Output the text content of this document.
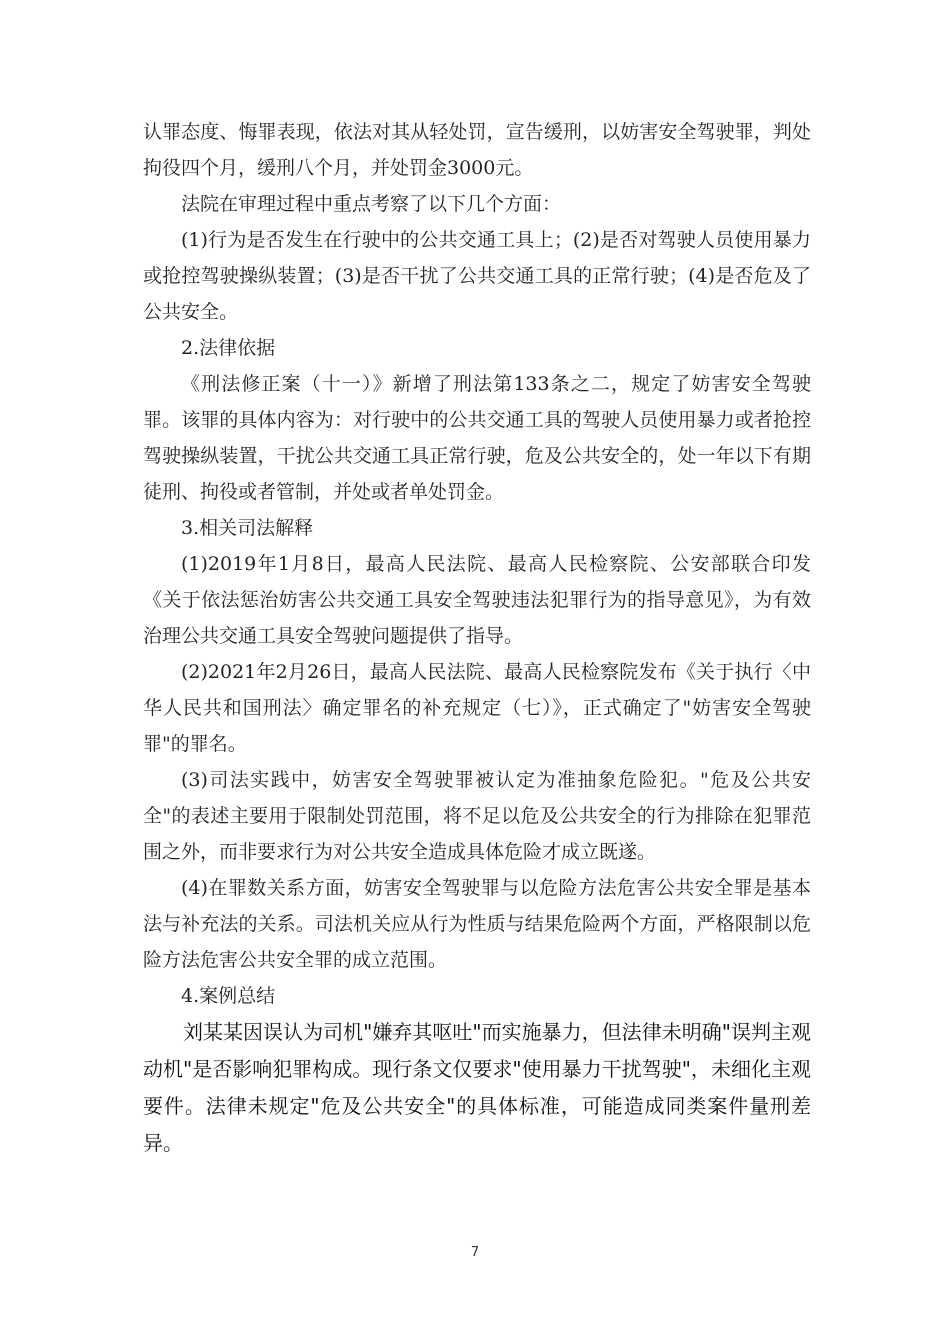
认罪态度、悔罪表现，依法对其从轻处罚，宣告缓刑，以妨害安全驾驶罪，判处拘役四个月，缓刑八个月，并处罚金3000元。

法院在审理过程中重点考察了以下几个方面：

(1)行为是否发生在行驶中的公共交通工具上；(2)是否对驾驶人员使用暴力或抢控驾驶操纵装置；(3)是否干扰了公共交通工具的正常行驶；(4)是否危及了公共安全。

2.法律依据

《刑法修正案（十一）》新增了刑法第133条之二，规定了妨害安全驾驶罪。该罪的具体内容为：对行驶中的公共交通工具的驾驶人员使用暴力或者抢控驾驶操纵装置，干扰公共交通工具正常行驶，危及公共安全的，处一年以下有期徒刑、拘役或者管制，并处或者单处罚金。

3.相关司法解释

(1)2019年1月8日，最高人民法院、最高人民检察院、公安部联合印发《关于依法惩治妨害公共交通工具安全驾驶违法犯罪行为的指导意见》，为有效治理公共交通工具安全驾驶问题提供了指导。

(2)2021年2月26日，最高人民法院、最高人民检察院发布《关于执行〈中华人民共和国刑法〉确定罪名的补充规定（七）》，正式确定了"妨害安全驾驶罪"的罪名。

(3)司法实践中，妨害安全驾驶罪被认定为准抽象危险犯。"危及公共安全"的表述主要用于限制处罚范围，将不足以危及公共安全的行为排除在犯罪范围之外，而非要求行为对公共安全造成具体危险才成立既遂。

(4)在罪数关系方面，妨害安全驾驶罪与以危险方法危害公共安全罪是基本法与补充法的关系。司法机关应从行为性质与结果危险两个方面，严格限制以危险方法危害公共安全罪的成立范围。

4.案例总结

刘某某因误认为司机"嫌弃其呕吐"而实施暴力，但法律未明确"误判主观动机"是否影响犯罪构成。现行条文仅要求"使用暴力干扰驾驶"，未细化主观要件。法律未规定"危及公共安全"的具体标准，可能造成同类案件量刑差异。

7
